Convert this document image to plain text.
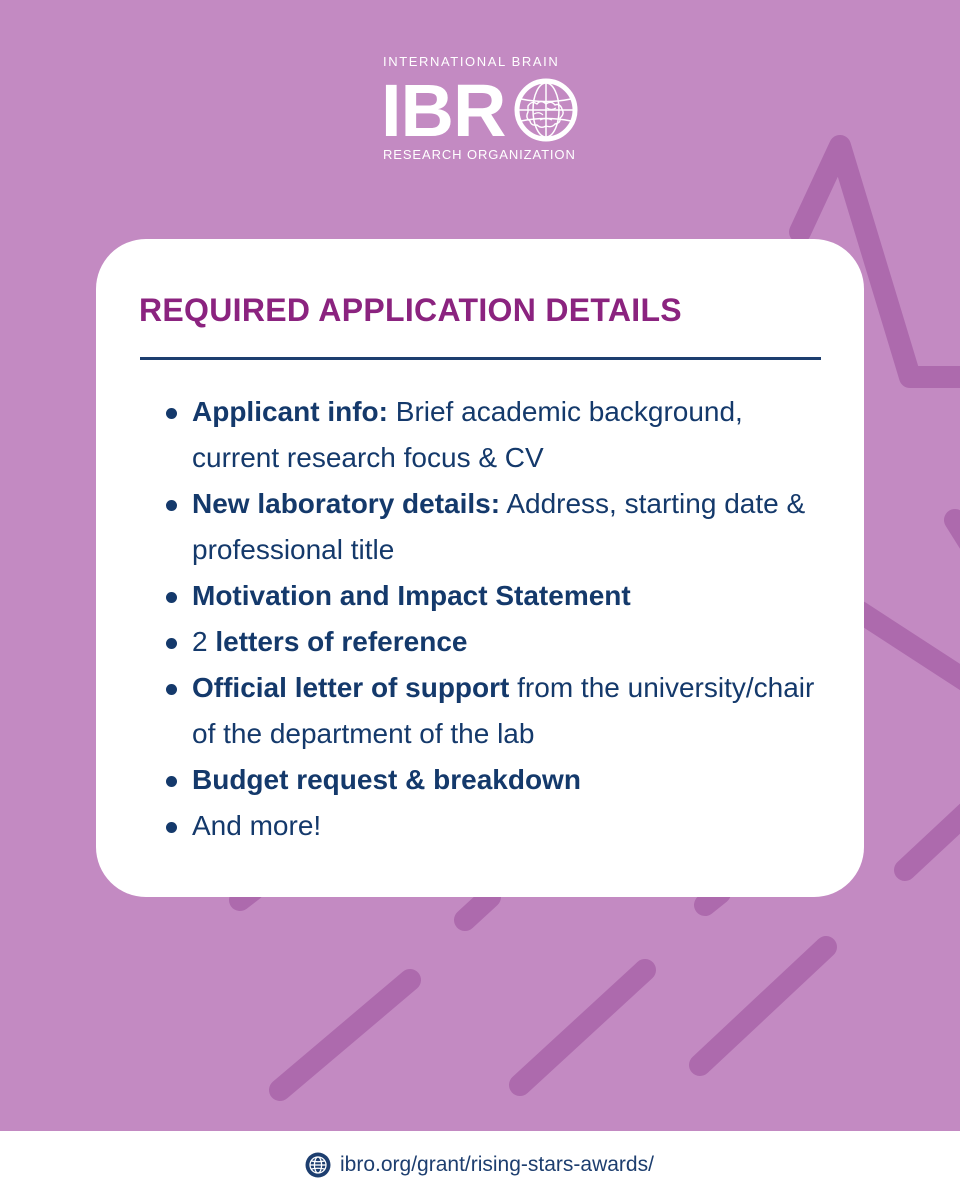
INTERNATIONAL BRAIN
IBR
RESEARCH ORGANIZATION
REQUIRED APPLICATION DETAILS
Applicant info: Brief academic background, current research focus & CV
New laboratory details: Address, starting date & professional title
Motivation and Impact Statement
2 letters of reference
Official letter of support from the university/chair of the department of the lab
Budget request & breakdown
And more!
ibro.org/grant/rising-stars-awards/
